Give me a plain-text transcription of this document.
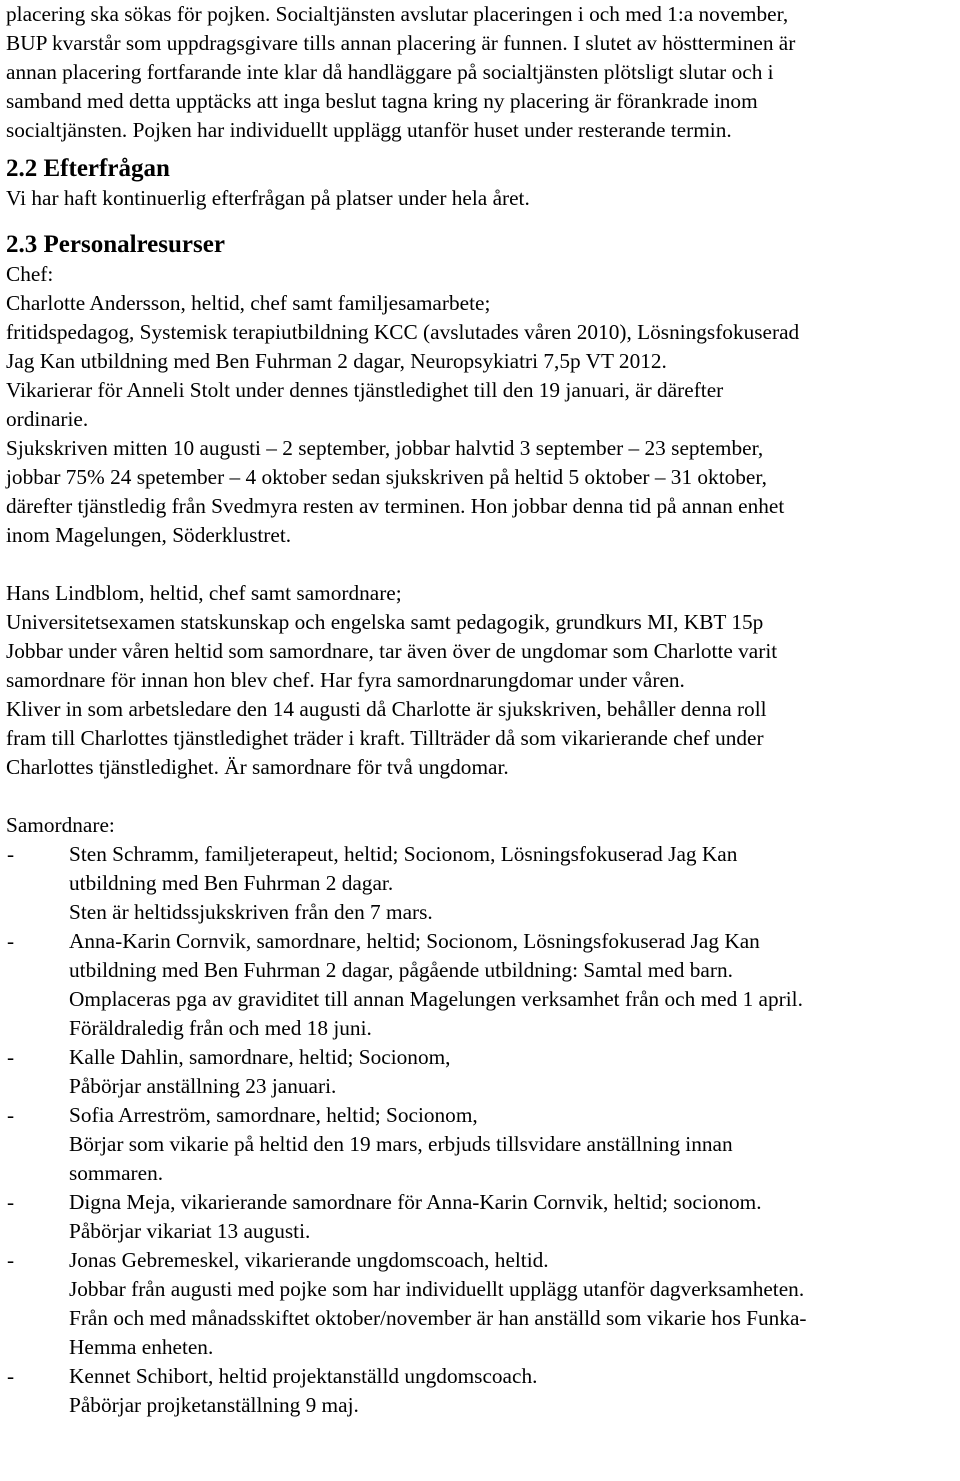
placering ska sökas för pojken. Socialtjänsten avslutar placeringen i och med 1:a november,

BUP kvarstår som uppdragsgivare tills annan placering är funnen. I slutet av höstterminen är

annan placering fortfarande inte klar då handläggare på socialtjänsten plötsligt slutar och i

samband med detta upptäcks att inga beslut tagna kring ny placering är förankrade inom

socialtjänsten. Pojken har individuellt upplägg utanför huset under resterande termin.

2.2 Efterfrågan

Vi har haft kontinuerlig efterfrågan på platser under hela året.

2.3 Personalresurser

Chef:

Charlotte Andersson, heltid, chef samt familjesamarbete;

fritidspedagog, Systemisk terapiutbildning KCC (avslutades våren 2010), Lösningsfokuserad

Jag Kan utbildning med Ben Fuhrman 2 dagar, Neuropsykiatri 7,5p VT 2012.

Vikarierar för Anneli Stolt under dennes tjänstledighet till den 19 januari, är därefter

ordinarie.

Sjukskriven mitten 10 augusti – 2 september, jobbar halvtid 3 september – 23 september,

jobbar 75% 24 spetember – 4 oktober sedan sjukskriven på heltid 5 oktober – 31 oktober,

därefter tjänstledig från Svedmyra resten av terminen. Hon jobbar denna tid på annan enhet

inom Magelungen, Söderklustret.

Hans Lindblom, heltid, chef samt samordnare;

Universitetsexamen statskunskap och engelska samt pedagogik, grundkurs MI, KBT 15p

Jobbar under våren heltid som samordnare, tar även över de ungdomar som Charlotte varit

samordnare för innan hon blev chef. Har fyra samordnarungdomar under våren.

Kliver in som arbetsledare den 14 augusti då Charlotte är sjukskriven, behåller denna roll

fram till Charlottes tjänstledighet träder i kraft. Tillträder då som vikarierande chef under

Charlottes tjänstledighet. Är samordnare för två ungdomar.

Samordnare:

-	Sten Schramm, familjeterapeut, heltid; Socionom, Lösningsfokuserad Jag Kan

utbildning med Ben Fuhrman 2 dagar.

Sten är heltidssjukskriven från den 7 mars.

-	Anna-Karin Cornvik, samordnare, heltid; Socionom, Lösningsfokuserad Jag Kan

utbildning med Ben Fuhrman 2 dagar, pågående utbildning: Samtal med barn.

Omplaceras pga av graviditet till annan Magelungen verksamhet från och med 1 april.

Föräldraledig från och med 18 juni.

-	Kalle Dahlin, samordnare, heltid; Socionom,

Påbörjar anställning 23 januari.

-	Sofia Arreström, samordnare, heltid; Socionom,

Börjar som vikarie på heltid den 19 mars, erbjuds tillsvidare anställning innan

sommaren.

-	Digna Meja, vikarierande samordnare för Anna-Karin Cornvik, heltid; socionom.

Påbörjar vikariat 13 augusti.

-	Jonas Gebremeskel, vikarierande ungdomscoach, heltid.

Jobbar från augusti med pojke som har individuellt upplägg utanför dagverksamheten.

Från och med månadsskiftet oktober/november är han anställd som vikarie hos Funka-

Hemma enheten.

-	Kennet Schibort, heltid projektanställd ungdomscoach.

Påbörjar projketanställning 9 maj.
